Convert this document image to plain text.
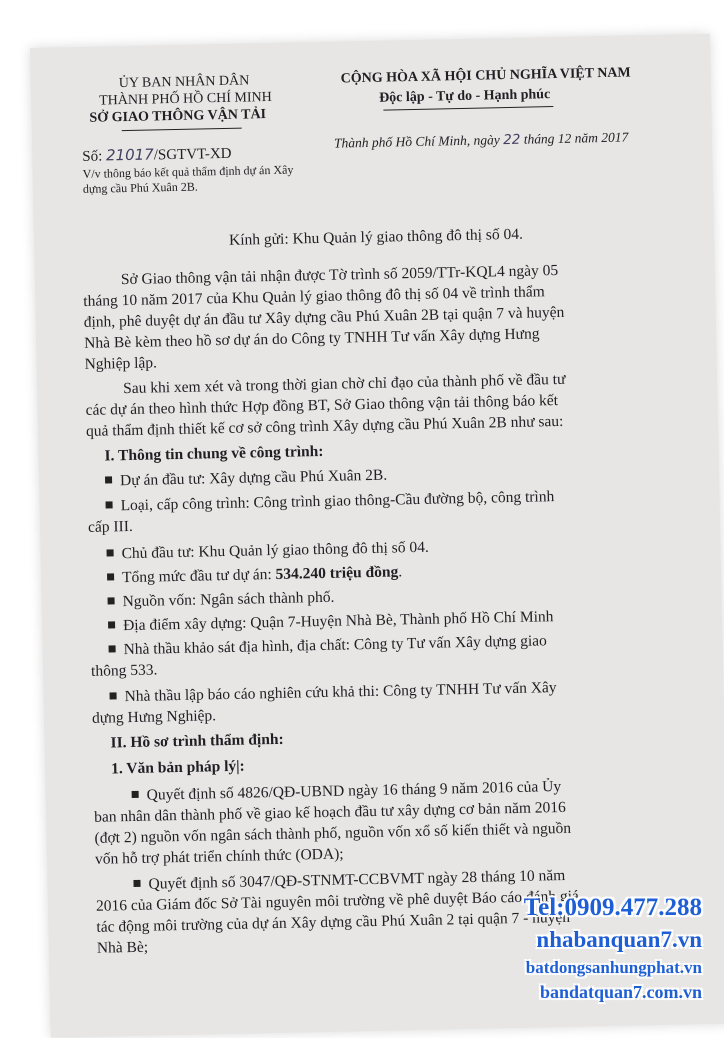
ỦY BAN NHÂN DÂN
THÀNH PHỐ HỒ CHÍ MINH
SỞ GIAO THÔNG VẬN TẢI
Số: 21017/SGTVT-XD
V/v thông báo kết quả thẩm định dự án Xây
dựng cầu Phú Xuân 2B.
CỘNG HÒA XÃ HỘI CHỦ NGHĨA VIỆT NAM
Độc lập - Tự do - Hạnh phúc
Thành phố Hồ Chí Minh, ngày 22 tháng 12 năm 2017
Kính gửi: Khu Quản lý giao thông đô thị số 04.
Sở Giao thông vận tải nhận được Tờ trình số 2059/TTr-KQL4 ngày 05
tháng 10 năm 2017 của Khu Quản lý giao thông đô thị số 04 về trình thẩm
định, phê duyệt dự án đầu tư Xây dựng cầu Phú Xuân 2B tại quận 7 và huyện
Nhà Bè kèm theo hồ sơ dự án do Công ty TNHH Tư vấn Xây dựng Hưng
Nghiệp lập.
Sau khi xem xét và trong thời gian chờ chỉ đạo của thành phố về đầu tư
các dự án theo hình thức Hợp đồng BT, Sở Giao thông vận tải thông báo kết
quả thẩm định thiết kế cơ sở công trình Xây dựng cầu Phú Xuân 2B như sau:
I. Thông tin chung về công trình:
Dự án đầu tư: Xây dựng cầu Phú Xuân 2B.
Loại, cấp công trình: Công trình giao thông-Cầu đường bộ, công trình
cấp III.
Chủ đầu tư: Khu Quản lý giao thông đô thị số 04.
Tổng mức đầu tư dự án: 534.240 triệu đồng.
Nguồn vốn: Ngân sách thành phố.
Địa điểm xây dựng: Quận 7-Huyện Nhà Bè, Thành phố Hồ Chí Minh
Nhà thầu khảo sát địa hình, địa chất: Công ty Tư vấn Xây dựng giao
thông 533.
Nhà thầu lập báo cáo nghiên cứu khả thi: Công ty TNHH Tư vấn Xây
dựng Hưng Nghiệp.
II. Hồ sơ trình thẩm định:
1. Văn bản pháp lý|:
Quyết định số 4826/QĐ-UBND ngày 16 tháng 9 năm 2016 của Ủy
ban nhân dân thành phố về giao kế hoạch đầu tư xây dựng cơ bản năm 2016
(đợt 2) nguồn vốn ngân sách thành phố, nguồn vốn xổ số kiến thiết và nguồn
vốn hỗ trợ phát triển chính thức (ODA);
Quyết định số 3047/QĐ-STNMT-CCBVMT ngày 28 tháng 10 năm
2016 của Giám đốc Sở Tài nguyên môi trường về phê duyệt Báo cáo đánh giá
tác động môi trường của dự án Xây dựng cầu Phú Xuân 2 tại quận 7 - huyện
Nhà Bè;
Tel:0909.477.288
nhabanquan7.vn
batdongsanhungphat.vn
bandatquan7.com.vn
